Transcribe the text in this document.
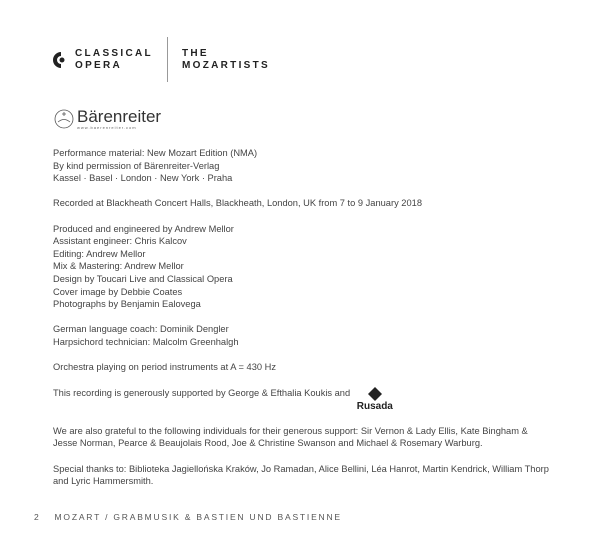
CLASSICAL
OPERA
THE
MOZARTISTS
Bärenreiter
www.baerenreiter.com

Performance material: New Mozart Edition (NMA)
By kind permission of Bärenreiter-Verlag
Kassel · Basel · London · New York · Praha

Recorded at Blackheath Concert Halls, Blackheath, London, UK from 7 to 9 January 2018

Produced and engineered by Andrew Mellor
Assistant engineer: Chris Kalcov
Editing: Andrew Mellor
Mix & Mastering: Andrew Mellor
Design by Toucari Live and Classical Opera
Cover image by Debbie Coates
Photographs by Benjamin Ealovega

German language coach: Dominik Dengler
Harpsichord technician: Malcolm Greenhalgh

Orchestra playing on period instruments at A = 430 Hz

This recording is generously supported by George & Efthalia Koukis and
Rusada

We are also grateful to the following individuals for their generous support: Sir Vernon & Lady Ellis, Kate Bingham & Jesse Norman, Pearce & Beaujolais Rood, Joe & Christine Swanson and Michael & Rosemary Warburg.

Special thanks to: Biblioteka Jagiellońska Kraków, Jo Ramadan, Alice Bellini, Léa Hanrot, Martin Kendrick, William Thorp and Lyric Hammersmith.

2 MOZART / GRABMUSIK & BASTIEN UND BASTIENNE
